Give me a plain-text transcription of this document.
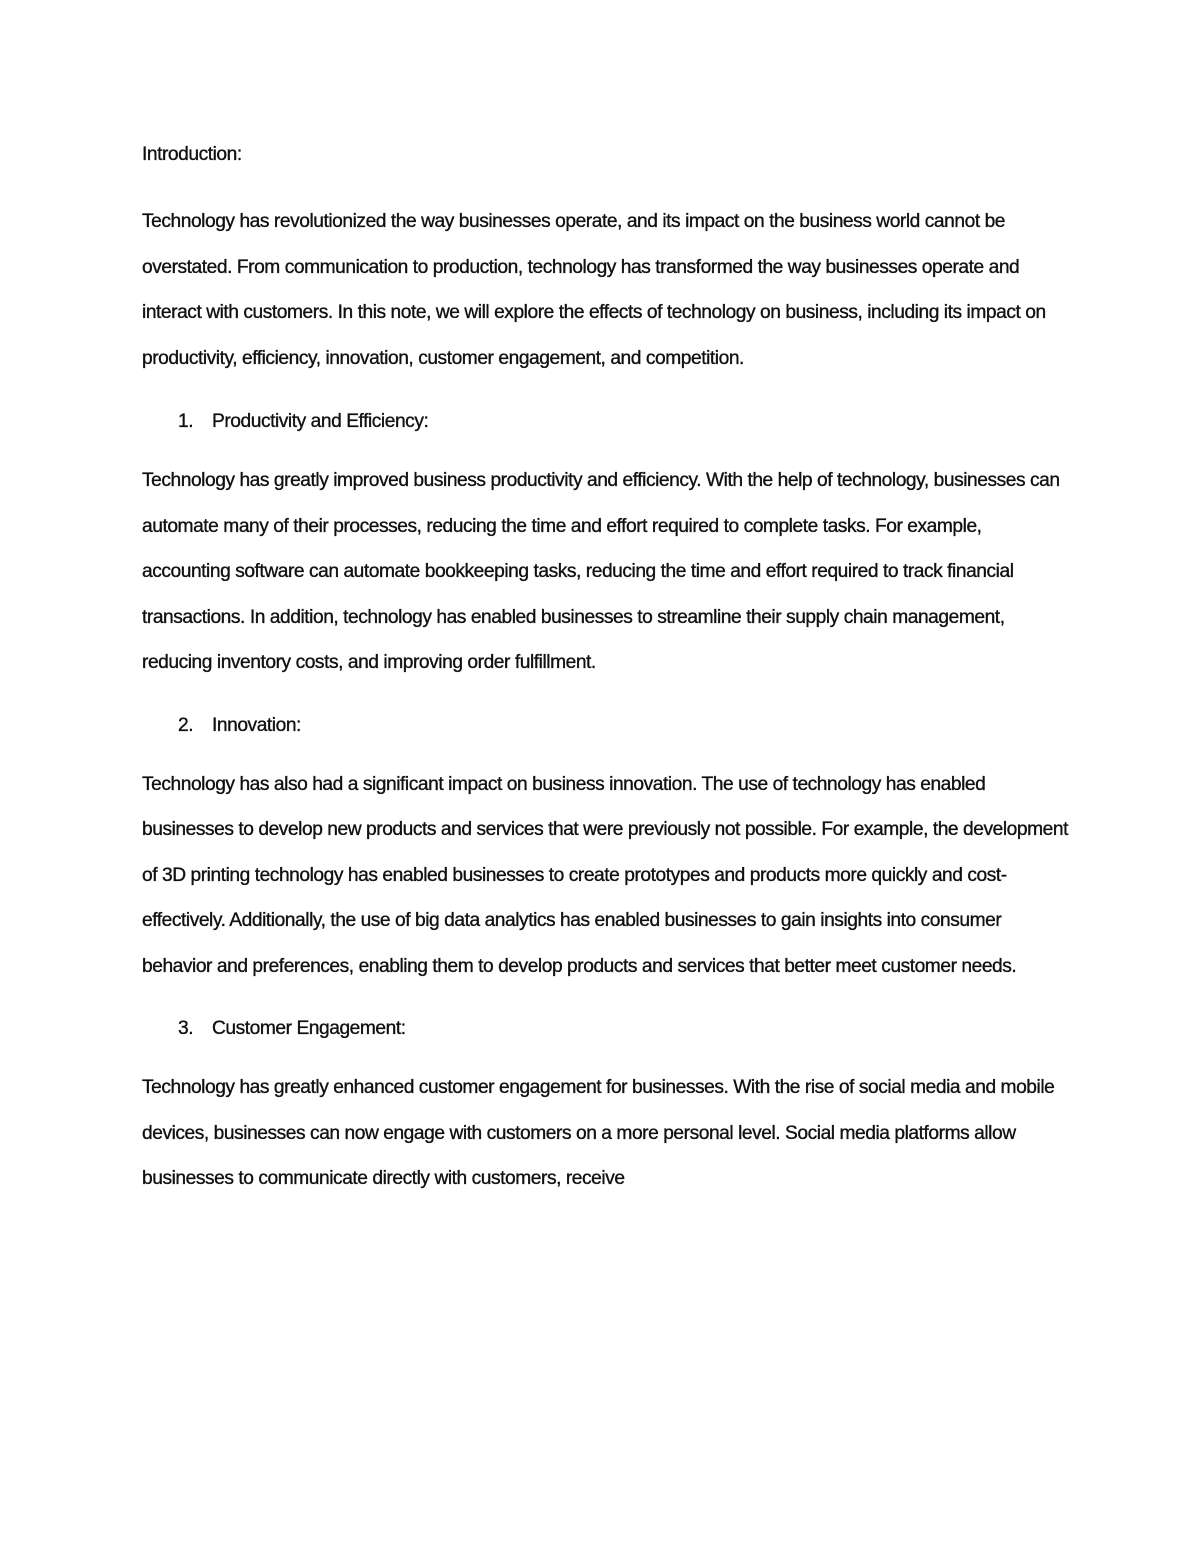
Introduction:

Technology has revolutionized the way businesses operate, and its impact on the business world cannot be overstated. From communication to production, technology has transformed the way businesses operate and interact with customers. In this note, we will explore the effects of technology on business, including its impact on productivity, efficiency, innovation, customer engagement, and competition.

1. Productivity and Efficiency:

Technology has greatly improved business productivity and efficiency. With the help of technology, businesses can automate many of their processes, reducing the time and effort required to complete tasks. For example, accounting software can automate bookkeeping tasks, reducing the time and effort required to track financial transactions. In addition, technology has enabled businesses to streamline their supply chain management, reducing inventory costs, and improving order fulfillment.

2. Innovation:

Technology has also had a significant impact on business innovation. The use of technology has enabled businesses to develop new products and services that were previously not possible. For example, the development of 3D printing technology has enabled businesses to create prototypes and products more quickly and cost-effectively. Additionally, the use of big data analytics has enabled businesses to gain insights into consumer behavior and preferences, enabling them to develop products and services that better meet customer needs.

3. Customer Engagement:

Technology has greatly enhanced customer engagement for businesses. With the rise of social media and mobile devices, businesses can now engage with customers on a more personal level. Social media platforms allow businesses to communicate directly with customers, receive
